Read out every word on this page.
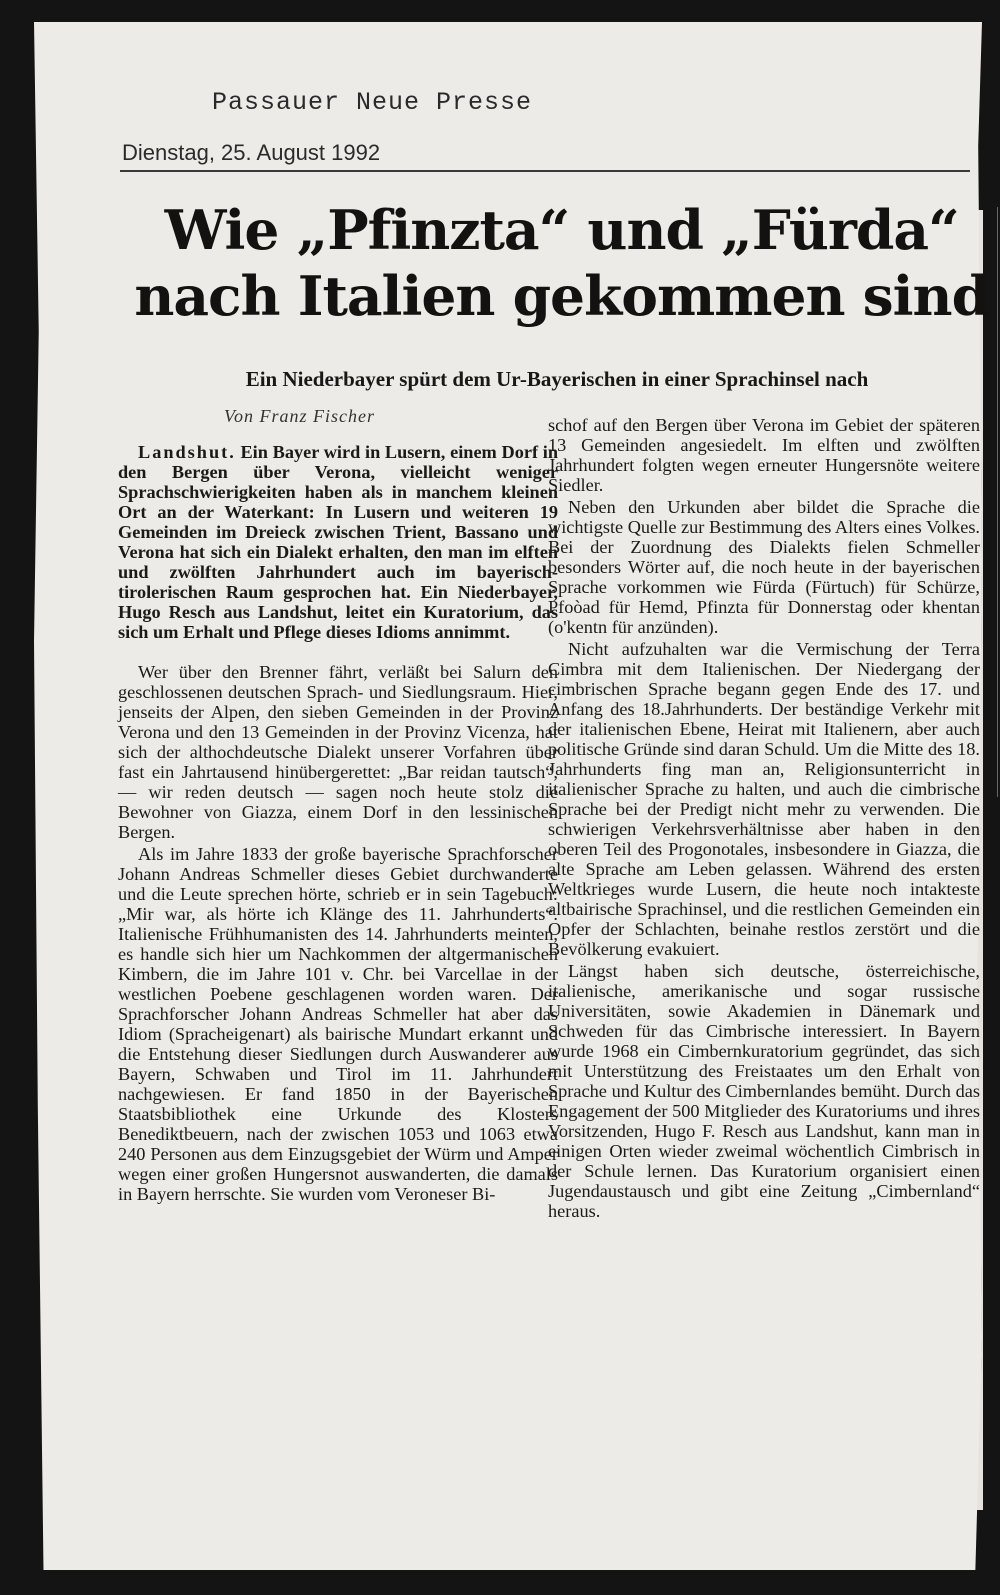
Passauer Neue Presse
Dienstag, 25. August 1992
Wie „Pfinzta“ und „Fürda“ nach Italien gekommen sind
Ein Niederbayer spürt dem Ur-Bayerischen in einer Sprachinsel nach
Von Franz Fischer

Landshut. Ein Bayer wird in Lusern, einem Dorf in den Bergen über Verona, vielleicht weniger Sprachschwierigkeiten haben als in manchem kleinen Ort an der Waterkant: In Lusern und weiteren 19 Gemeinden im Dreieck zwischen Trient, Bassano und Verona hat sich ein Dialekt erhalten, den man im elften und zwölften Jahrhundert auch im bayerisch-tirolerischen Raum gesprochen hat. Ein Niederbayer, Hugo Resch aus Landshut, leitet ein Kuratorium, das sich um Erhalt und Pflege dieses Idioms annimmt.

Wer über den Brenner fährt, verläßt bei Salurn den geschlossenen deutschen Sprach- und Siedlungsraum. Hier, jenseits der Alpen, den sieben Gemeinden in der Provinz Verona und den 13 Gemeinden in der Provinz Vicenza, hat sich der althochdeutsche Dialekt unserer Vorfahren über fast ein Jahrtausend hinübergerettet: „Bar reidan tautsch“, — wir reden deutsch — sagen noch heute stolz die Bewohner von Giazza, einem Dorf in den lessinischen Bergen.

Als im Jahre 1833 der große bayerische Sprachforscher Johann Andreas Schmeller dieses Gebiet durchwanderte und die Leute sprechen hörte, schrieb er in sein Tagebuch: „Mir war, als hörte ich Klänge des 11. Jahrhunderts“. Italienische Frühhumanisten des 14. Jahrhunderts meinten, es handle sich hier um Nachkommen der altgermanischen Kimbern, die im Jahre 101 v. Chr. bei Varcellae in der westlichen Poebene geschlagenen worden waren. Der Sprachforscher Johann Andreas Schmeller hat aber das Idiom (Spracheigenart) als bairische Mundart erkannt und die Entstehung dieser Siedlungen durch Auswanderer aus Bayern, Schwaben und Tirol im 11. Jahrhundert nachgewiesen. Er fand 1850 in der Bayerischen Staatsbibliothek eine Urkunde des Klosters Benediktbeuern, nach der zwischen 1053 und 1063 etwa 240 Personen aus dem Einzugsgebiet der Würm und Amper wegen einer großen Hungersnot auswanderten, die damals in Bayern herrschte. Sie wurden vom Veroneser Bi-

schof auf den Bergen über Verona im Gebiet der späteren 13 Gemeinden angesiedelt. Im elften und zwölften Jahrhundert folgten wegen erneuter Hungersnöte weitere Siedler.

Neben den Urkunden aber bildet die Sprache die wichtigste Quelle zur Bestimmung des Alters eines Volkes. Bei der Zuordnung des Dialekts fielen Schmeller besonders Wörter auf, die noch heute in der bayerischen Sprache vorkommen wie Fürda (Fürtuch) für Schürze, Pfoòad für Hemd, Pfinzta für Donnerstag oder khentan (o'kentn für anzünden).

Nicht aufzuhalten war die Vermischung der Terra Cimbra mit dem Italienischen. Der Niedergang der cimbrischen Sprache begann gegen Ende des 17. und Anfang des 18.Jahrhunderts. Der beständige Verkehr mit der italienischen Ebene, Heirat mit Italienern, aber auch politische Gründe sind daran Schuld. Um die Mitte des 18. Jahrhunderts fing man an, Religionsunterricht in italienischer Sprache zu halten, und auch die cimbrische Sprache bei der Predigt nicht mehr zu verwenden. Die schwierigen Verkehrsverhältnisse aber haben in den oberen Teil des Progonotales, insbesondere in Giazza, die alte Sprache am Leben gelassen. Während des ersten Weltkrieges wurde Lusern, die heute noch intakteste altbairische Sprachinsel, und die restlichen Gemeinden ein Opfer der Schlachten, beinahe restlos zerstört und die Bevölkerung evakuiert.

Längst haben sich deutsche, österreichische, italienische, amerikanische und sogar russische Universitäten, sowie Akademien in Dänemark und Schweden für das Cimbrische interessiert. In Bayern wurde 1968 ein Cimbernkuratorium gegründet, das sich mit Unterstützung des Freistaates um den Erhalt von Sprache und Kultur des Cimbernlandes bemüht. Durch das Engagement der 500 Mitglieder des Kuratoriums und ihres Vorsitzenden, Hugo F. Resch aus Landshut, kann man in einigen Orten wieder zweimal wöchentlich Cimbrisch in der Schule lernen. Das Kuratorium organisiert einen Jugendaustausch und gibt eine Zeitung „Cimbernland“ heraus.
